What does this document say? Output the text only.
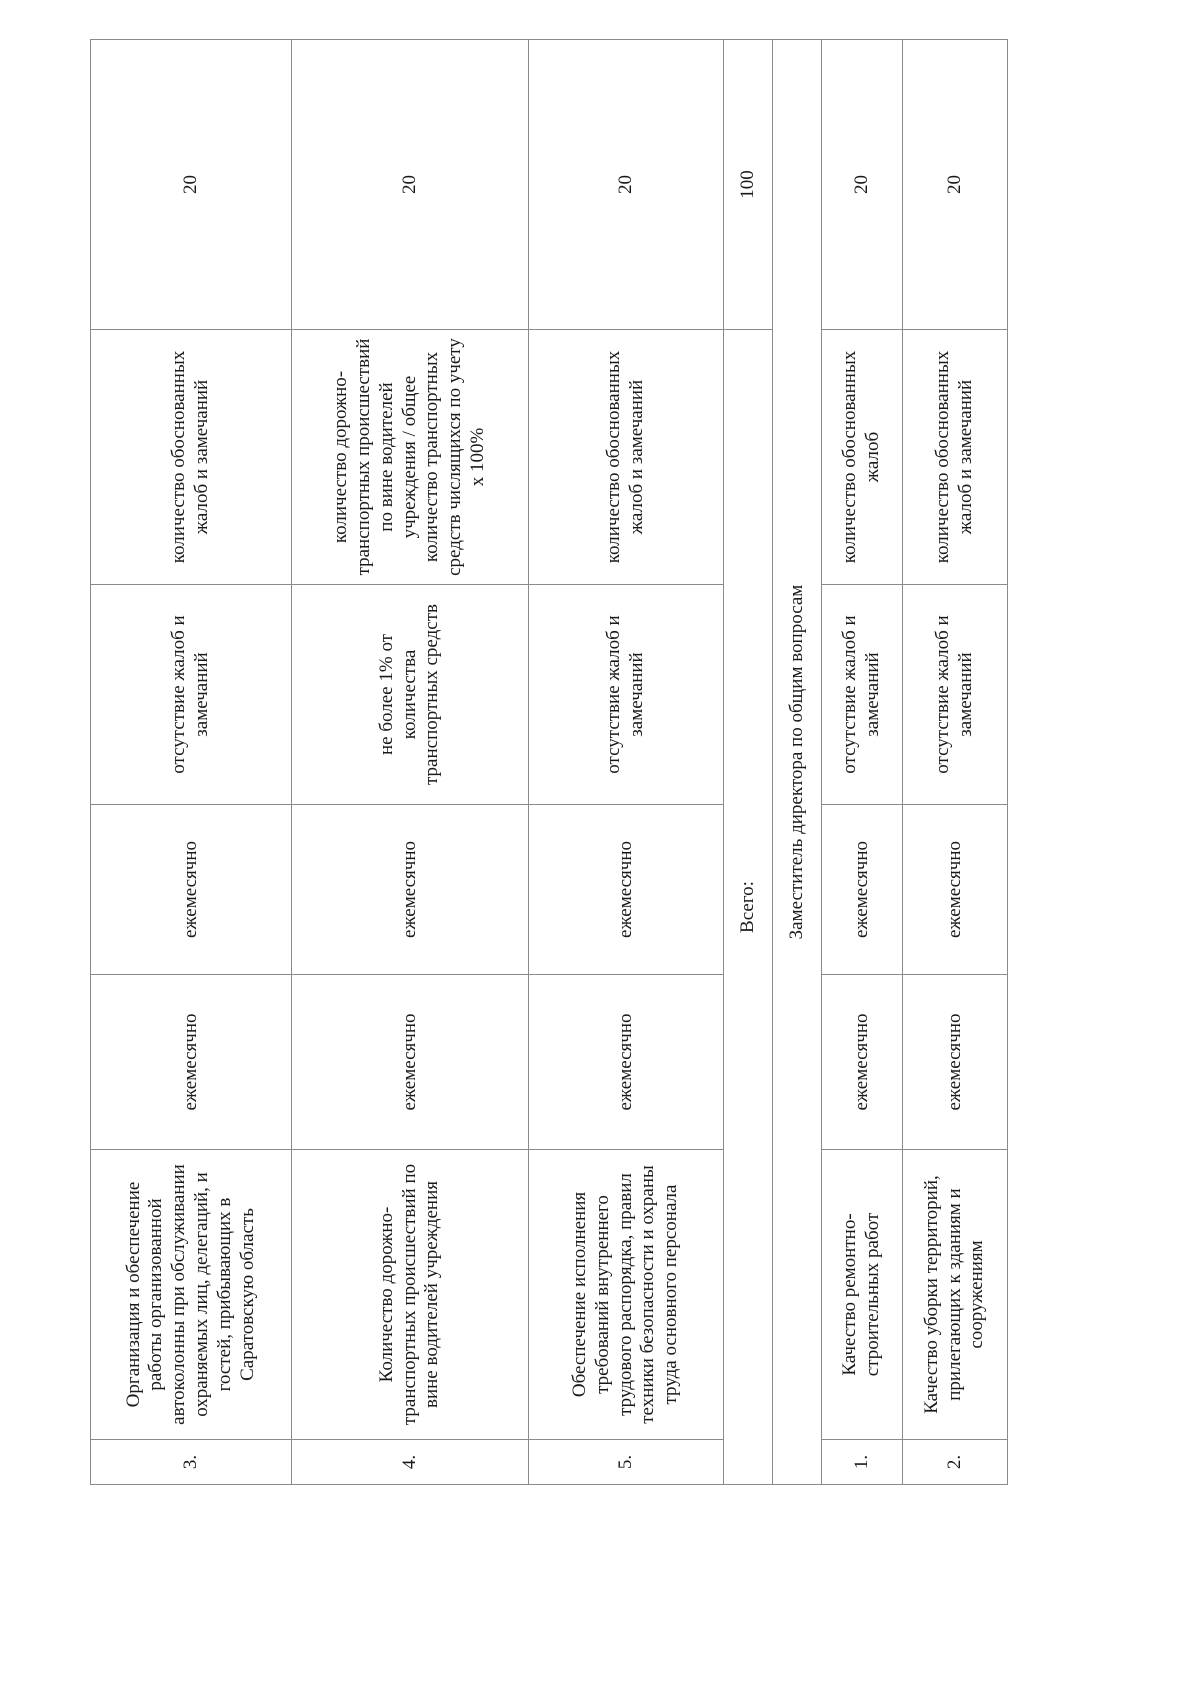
3.	Организация и обеспечение работы организованной автоколонны при обслуживании охраняемых лиц, делегаций, и гостей, прибывающих в Саратовскую область	ежемесячно	ежемесячно	отсутствие жалоб и замечаний	количество обоснованных жалоб и замечаний	20
4.	Количество дорожно-транспортных происшествий по вине водителей учреждения	ежемесячно	ежемесячно	не более 1% от количества транспортных средств	количество дорожно-транспортных происшествий по вине водителей учреждения / общее количество транспортных средств числящихся по учету х 100%	20
5.	Обеспечение исполнения требований внутреннего трудового распорядка, правил техники безопасности и охраны труда основного персонала	ежемесячно	ежемесячно	отсутствие жалоб и замечаний	количество обоснованных жалоб и замечаний	20
Всего:						100
Заместитель директора по общим вопросам						
1.	Качество ремонтно-строительных работ	ежемесячно	ежемесячно	отсутствие жалоб и замечаний	количество обоснованных жалоб	20
2.	Качество уборки территорий, прилегающих к зданиям и сооружениям	ежемесячно	ежемесячно	отсутствие жалоб и замечаний	количество обоснованных жалоб и замечаний	20
